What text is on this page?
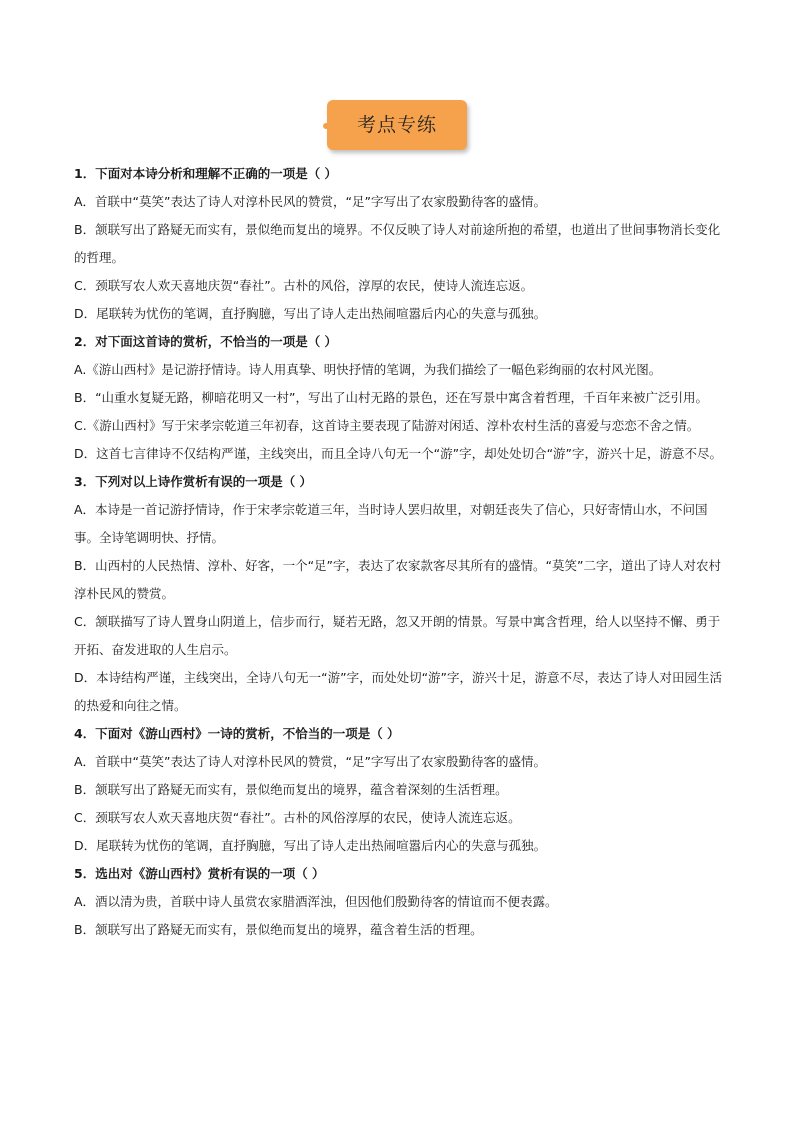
考点专练

1．下面对本诗分析和理解不正确的一项是（ ）

A．首联中“莫笑”表达了诗人对淳朴民风的赞赏，“足”字写出了农家殷勤待客的盛情。

B．颔联写出了路疑无而实有，景似绝而复出的境界。不仅反映了诗人对前途所抱的希望，也道出了世间事物消长变化的哲理。

C．颈联写农人欢天喜地庆贺“春社”。古朴的风俗，淳厚的农民，使诗人流连忘返。

D．尾联转为忧伤的笔调，直抒胸臆，写出了诗人走出热闹喧嚣后内心的失意与孤独。

2．对下面这首诗的赏析，不恰当的一项是（ ）

A.《游山西村》是记游抒情诗。诗人用真挚、明快抒情的笔调，为我们描绘了一幅色彩绚丽的农村风光图。

B．“山重水复疑无路，柳暗花明又一村”，写出了山村无路的景色，还在写景中寓含着哲理，千百年来被广泛引用。

C.《游山西村》写于宋孝宗乾道三年初春，这首诗主要表现了陆游对闲适、淳朴农村生活的喜爱与恋恋不舍之情。

D．这首七言律诗不仅结构严谨，主线突出，而且全诗八句无一个“游”字，却处处切合“游”字，游兴十足，游意不尽。

3．下列对以上诗作赏析有误的一项是（ ）

A．本诗是一首记游抒情诗，作于宋孝宗乾道三年，当时诗人罢归故里，对朝廷丧失了信心，只好寄情山水，不问国事。全诗笔调明快、抒情。

B．山西村的人民热情、淳朴、好客，一个“足”字，表达了农家款客尽其所有的盛情。“莫笑”二字，道出了诗人对农村淳朴民风的赞赏。

C．颔联描写了诗人置身山阴道上，信步而行，疑若无路，忽又开朗的情景。写景中寓含哲理，给人以坚持不懈、勇于开拓、奋发进取的人生启示。

D．本诗结构严谨，主线突出，全诗八句无一“游”字，而处处切“游”字，游兴十足，游意不尽，表达了诗人对田园生活的热爱和向往之情。

4．下面对《游山西村》一诗的赏析，不恰当的一项是（ ）

A．首联中“莫笑”表达了诗人对淳朴民风的赞赏，“足”字写出了农家殷勤待客的盛情。

B．颔联写出了路疑无而实有，景似绝而复出的境界，蕴含着深刻的生活哲理。

C．颈联写农人欢天喜地庆贺“春社”。古朴的风俗淳厚的农民，使诗人流连忘返。

D．尾联转为忧伤的笔调，直抒胸臆，写出了诗人走出热闹喧嚣后内心的失意与孤独。

5．选出对《游山西村》赏析有误的一项（ ）

A．酒以清为贵，首联中诗人虽赏农家腊酒浑浊，但因他们殷勤待客的情谊而不便表露。

B．颔联写出了路疑无而实有，景似绝而复出的境界，蕴含着生活的哲理。
